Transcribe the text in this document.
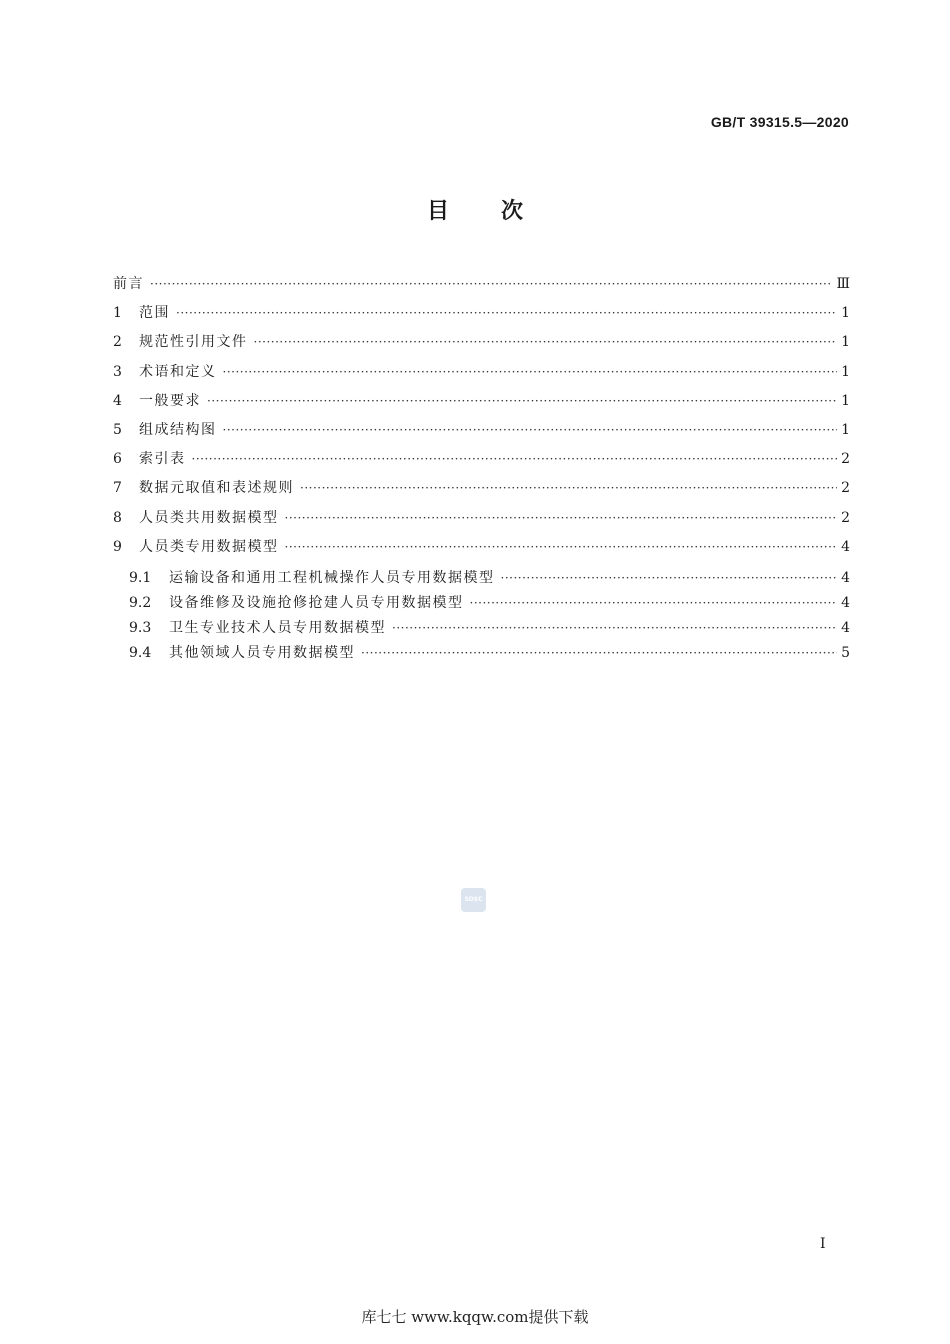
GB/T 39315.5—2020
目次
前言 ·····	Ⅲ
1	范围 ·····	1
2	规范性引用文件 ·····	1
3	术语和定义 ·····	1
4	一般要求 ·····	1
5	组成结构图 ·····	1
6	索引表 ·····	2
7	数据元取值和表述规则 ·····	2
8	人员类共用数据模型 ·····	2
9	人员类专用数据模型 ·····	4
9.1	运输设备和通用工程机械操作人员专用数据模型 ·····	4
9.2	设备维修及设施抢修抢建人员专用数据模型 ·····	4
9.3	卫生专业技术人员专用数据模型 ·····	4
9.4	其他领域人员专用数据模型 ·····	5
SDSC
I
库七七 www.kqqw.com提供下载
